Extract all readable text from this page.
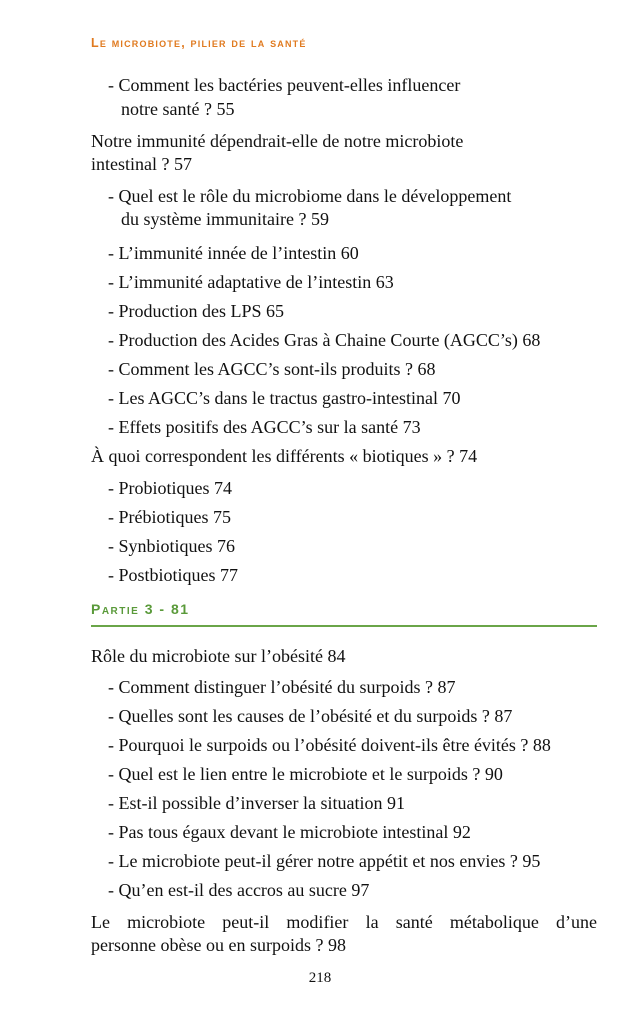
Le microbiote, pilier de la santé
- Comment les bactéries peuvent-elles influencer
notre santé ? 55
Notre immunité dépendrait-elle de notre microbiote
intestinal ? 57
- Quel est le rôle du microbiome dans le développement
du système immunitaire ? 59
- L’immunité innée de l’intestin 60
- L’immunité adaptative de l’intestin 63
- Production des LPS 65
- Production des Acides Gras à Chaine Courte (AGCC’s) 68
- Comment les AGCC’s sont-ils produits ? 68
- Les AGCC’s dans le tractus gastro-intestinal 70
- Effets positifs des AGCC’s sur la santé 73
À quoi correspondent les différents « biotiques » ? 74
- Probiotiques 74
- Prébiotiques 75
- Synbiotiques 76
- Postbiotiques 77
Partie 3 - 81
Rôle du microbiote sur l’obésité 84
- Comment distinguer l’obésité du surpoids ? 87
- Quelles sont les causes de l’obésité et du surpoids ? 87
- Pourquoi le surpoids ou l’obésité doivent-ils être évités ? 88
- Quel est le lien entre le microbiote et le surpoids ? 90
- Est-il possible d’inverser la situation 91
- Pas tous égaux devant le microbiote intestinal 92
- Le microbiote peut-il gérer notre appétit et nos envies ? 95
- Qu’en est-il des accros au sucre 97
Le microbiote peut-il modifier la santé métabolique d’une
personne obèse ou en surpoids ? 98
218
